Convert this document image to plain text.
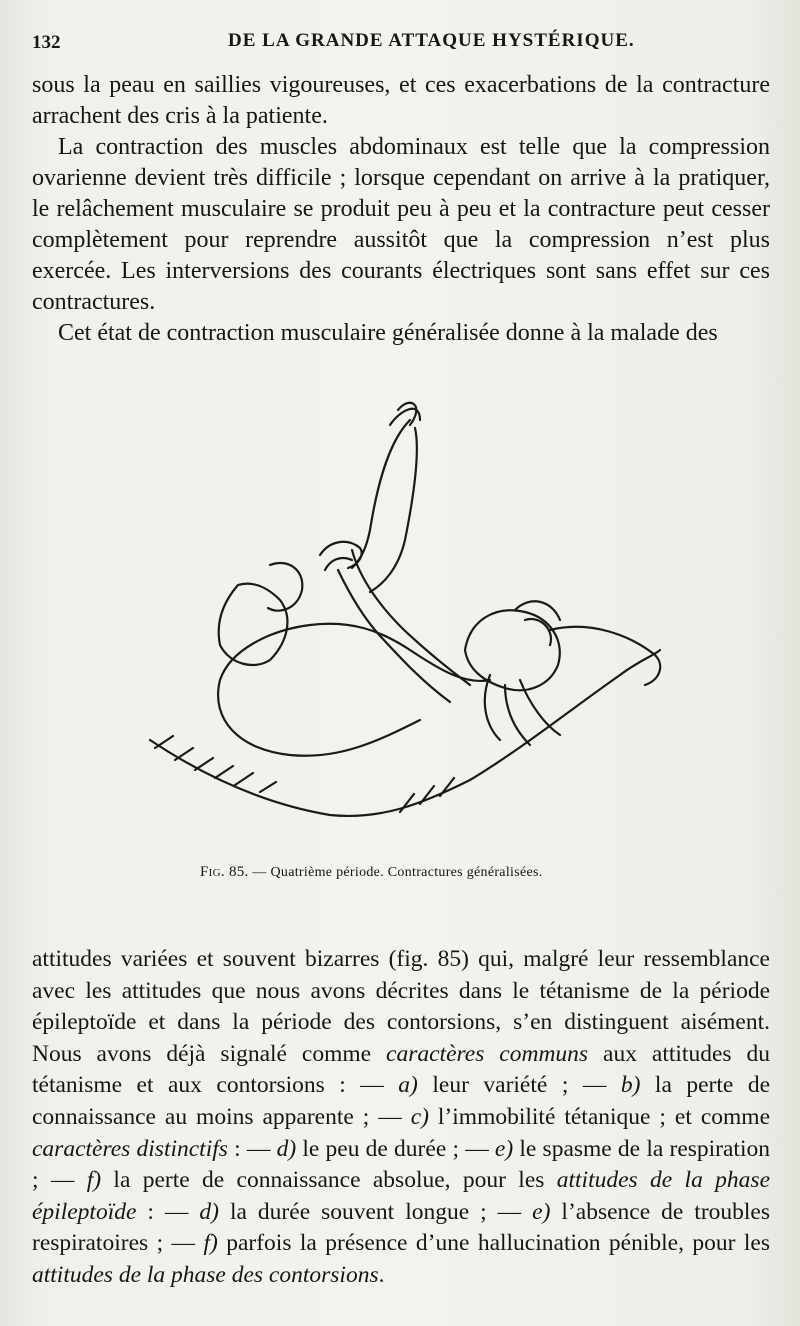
132	DE LA GRANDE ATTAQUE HYSTÉRIQUE.

sous la peau en saillies vigoureuses, et ces exacerbations de la contracture arrachent des cris à la patiente.

La contraction des muscles abdominaux est telle que la compression ovarienne devient très difficile ; lorsque cependant on arrive à la pratiquer, le relâchement musculaire se produit peu à peu et la contracture peut cesser complètement pour reprendre aussitôt que la compression n’est plus exercée. Les interversions des courants électriques sont sans effet sur ces contractures.

Cet état de contraction musculaire généralisée donne à la malade des

Fig. 85. — Quatrième période. Contractures généralisées.

attitudes variées et souvent bizarres (fig. 85) qui, malgré leur ressemblance avec les attitudes que nous avons décrites dans le tétanisme de la période épileptoïde et dans la période des contorsions, s’en distinguent aisément. Nous avons déjà signalé comme caractères communs aux attitudes du tétanisme et aux contorsions : — a) leur variété ; — b) la perte de connaissance au moins apparente ; — c) l’immobilité tétanique ; et comme caractères distinctifs : — d) le peu de durée ; — e) le spasme de la respiration ; — f) la perte de connaissance absolue, pour les attitudes de la phase épileptoïde : — d) la durée souvent longue ; — e) l’absence de troubles respiratoires ; — f) parfois la présence d’une hallucination pénible, pour les attitudes de la phase des contorsions.
